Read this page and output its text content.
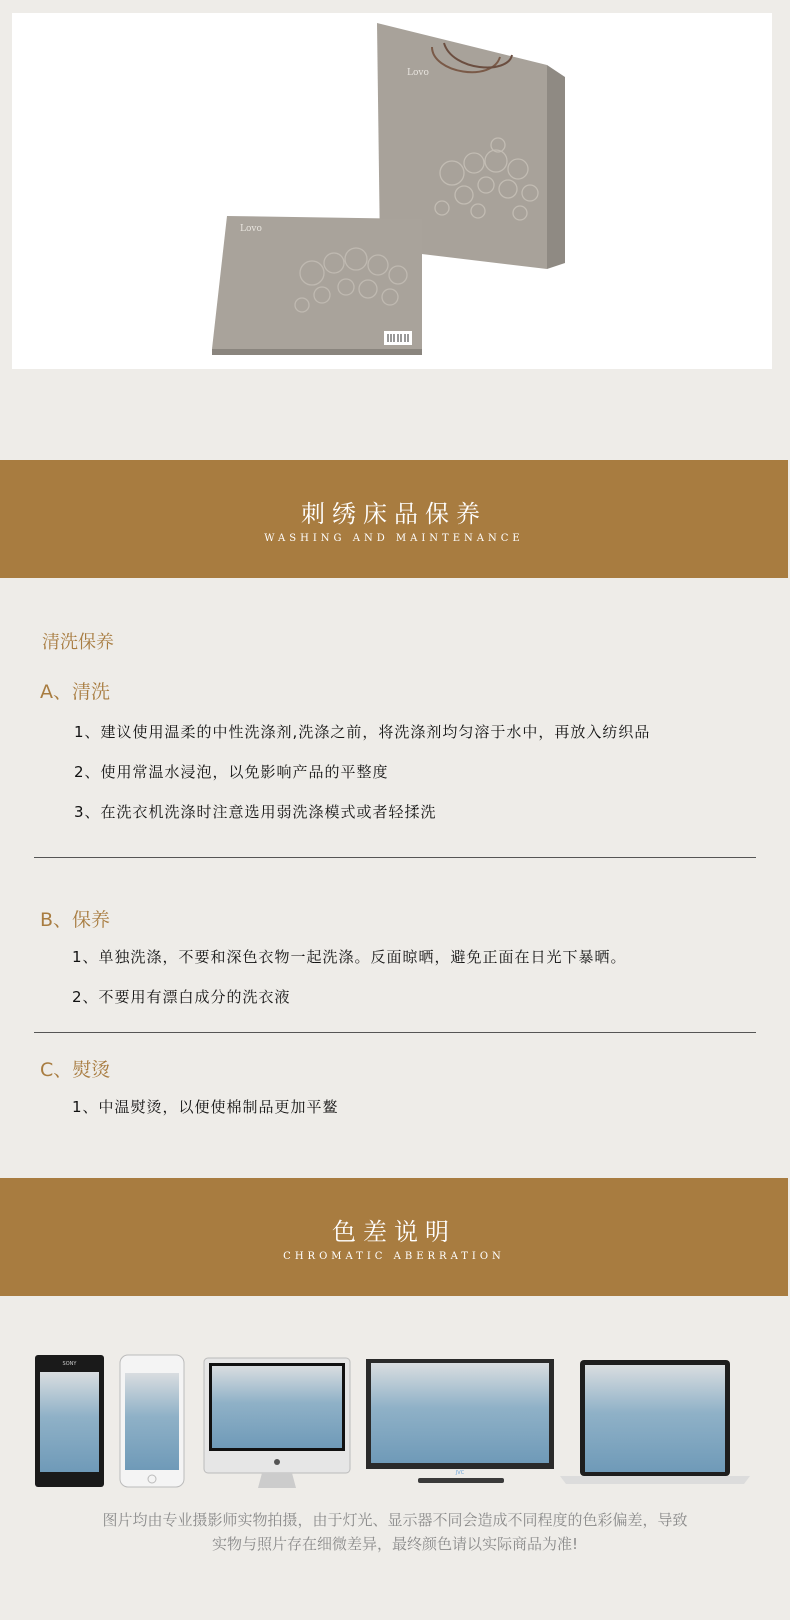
Lovo
Lovo
刺绣床品保养
WASHING AND MAINTENANCE
清洗保养
A、清洗
1、建议使用温柔的中性洗涤剂,洗涤之前，将洗涤剂均匀溶于水中，再放入纺织品
2、使用常温水浸泡，以免影响产品的平整度
3、在洗衣机洗涤时注意选用弱洗涤模式或者轻揉洗
B、保养
1、单独洗涤，不要和深色衣物一起洗涤。反面晾晒，避免正面在日光下暴晒。
2、不要用有漂白成分的洗衣液
C、熨烫
1、中温熨烫，以便使棉制品更加平鳌
色差说明
CHROMATIC ABERRATION
SONY
JVC
图片均由专业摄影师实物拍摄，由于灯光、显示器不同会造成不同程度的色彩偏差，导致
实物与照片存在细微差异，最终颜色请以实际商品为准!
